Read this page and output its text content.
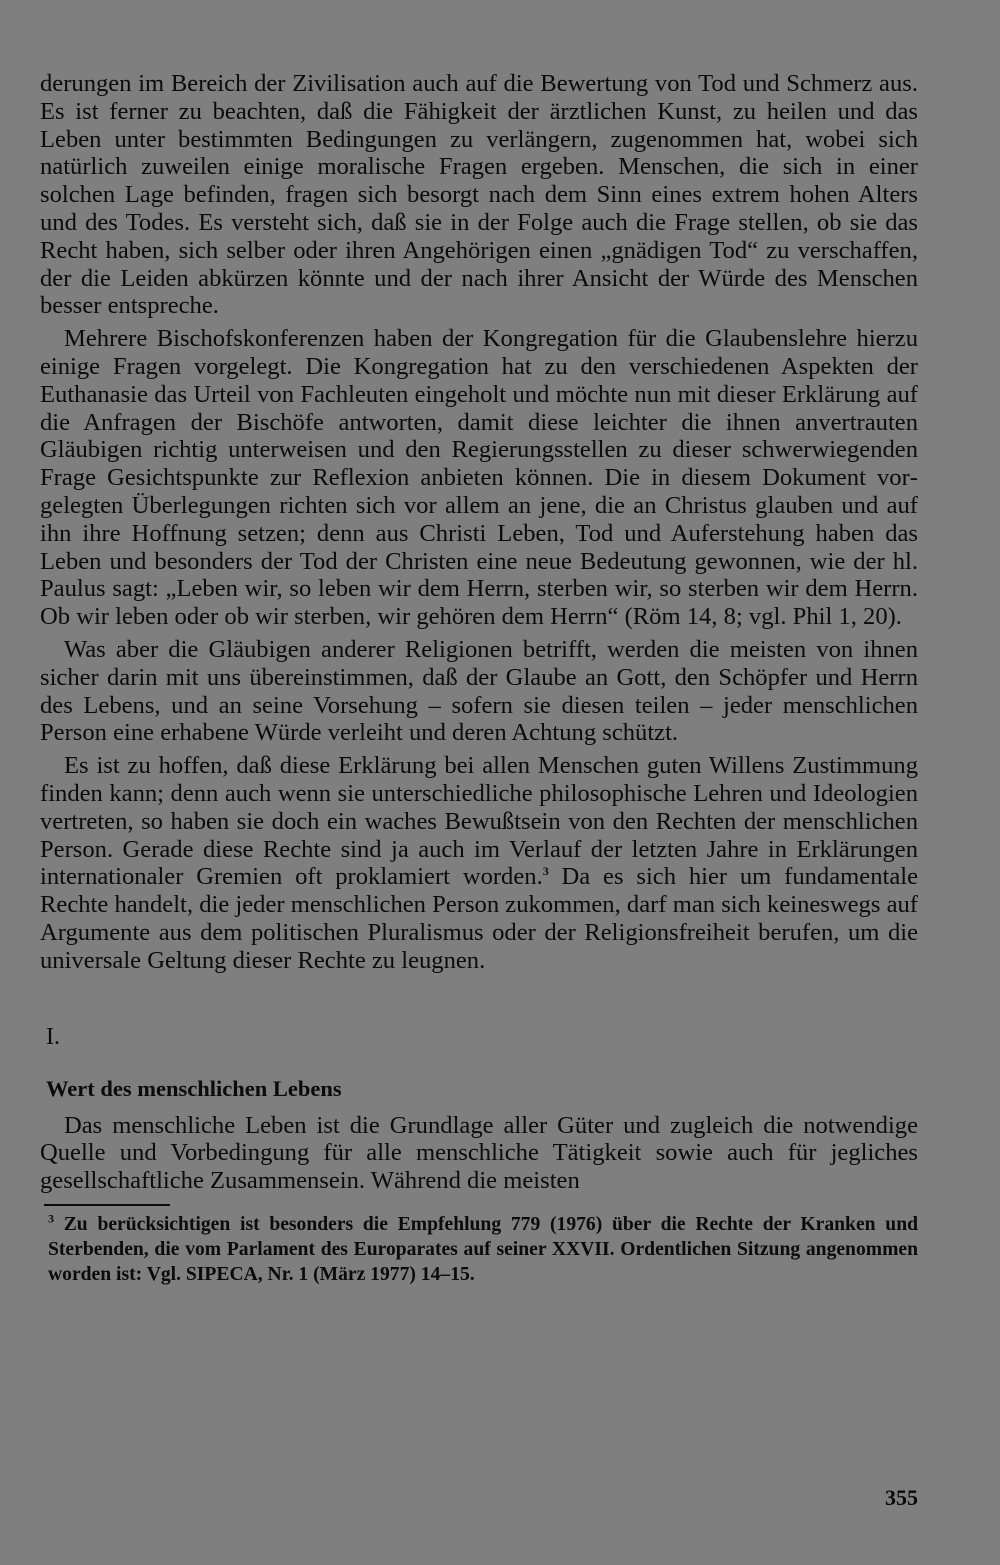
derungen im Bereich der Zivilisation auch auf die Bewertung von Tod und Schmerz aus. Es ist ferner zu beachten, daß die Fähigkeit der ärztlichen Kunst, zu heilen und das Leben unter bestimmten Bedingungen zu verlängern, zugenommen hat, wobei sich natürlich zuweilen einige moralische Fragen ergeben. Menschen, die sich in einer solchen Lage befinden, fragen sich besorgt nach dem Sinn eines extrem hohen Alters und des Todes. Es versteht sich, daß sie in der Folge auch die Frage stellen, ob sie das Recht haben, sich selber oder ihren Angehörigen einen „gnädigen Tod“ zu verschaffen, der die Leiden abkürzen könnte und der nach ihrer Ansicht der Würde des Menschen besser entspreche.

Mehrere Bischofskonferenzen haben der Kongregation für die Glaubenslehre hierzu einige Fragen vorgelegt. Die Kongregation hat zu den verschiedenen Aspekten der Euthanasie das Urteil von Fachleuten eingeholt und möchte nun mit dieser Erklärung auf die Anfragen der Bischöfe antworten, damit diese leichter die ihnen anvertrauten Gläubigen richtig unterweisen und den Regierungsstellen zu dieser schwerwiegenden Frage Gesichtspunkte zur Reflexion anbieten können. Die in diesem Dokument vorgelegten Überlegungen richten sich vor allem an jene, die an Christus glauben und auf ihn ihre Hoffnung setzen; denn aus Christi Leben, Tod und Auferstehung haben das Leben und besonders der Tod der Christen eine neue Bedeutung gewonnen, wie der hl. Paulus sagt: „Leben wir, so leben wir dem Herrn, sterben wir, so sterben wir dem Herrn. Ob wir leben oder ob wir sterben, wir gehören dem Herrn“ (Röm 14, 8; vgl. Phil 1, 20).

Was aber die Gläubigen anderer Religionen betrifft, werden die meisten von ihnen sicher darin mit uns übereinstimmen, daß der Glaube an Gott, den Schöpfer und Herrn des Lebens, und an seine Vorsehung – sofern sie diesen teilen – jeder menschlichen Person eine erhabene Würde verleiht und deren Achtung schützt.

Es ist zu hoffen, daß diese Erklärung bei allen Menschen guten Willens Zustimmung finden kann; denn auch wenn sie unterschiedliche philosophische Lehren und Ideologien vertreten, so haben sie doch ein waches Bewußtsein von den Rechten der menschlichen Person. Gerade diese Rechte sind ja auch im Verlauf der letzten Jahre in Erklärungen internationaler Gremien oft proklamiert worden.$^3$ Da es sich hier um fundamentale Rechte handelt, die jeder menschlichen Person zukommen, darf man sich keineswegs auf Argumente aus dem politischen Pluralismus oder der Religionsfreiheit berufen, um die universale Geltung dieser Rechte zu leugnen.

I.
Wert des menschlichen Lebens

Das menschliche Leben ist die Grundlage aller Güter und zugleich die notwendige Quelle und Vorbedingung für alle menschliche Tätigkeit sowie auch für jegliches gesellschaftliche Zusammensein. Während die meisten

$^3$ Zu berücksichtigen ist besonders die Empfehlung 779 (1976) über die Rechte der Kranken und Sterbenden, die vom Parlament des Europarates auf seiner XXVII. Ordentlichen Sitzung angenommen worden ist: Vgl. SIPECA, Nr. 1 (März 1977) 14–15.

355
